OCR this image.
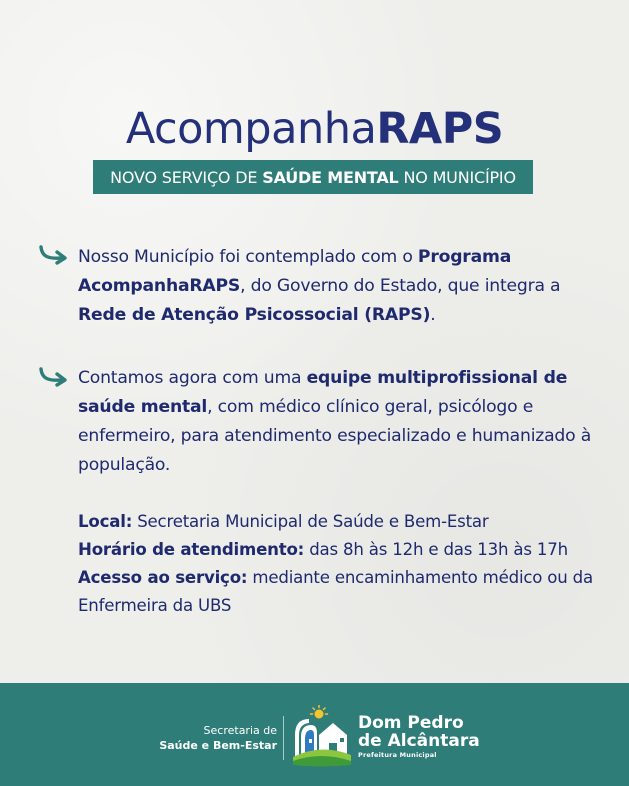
AcompanhaRAPS
NOVO SERVIÇO DE SAÚDE MENTAL NO MUNICÍPIO
Nosso Município foi contemplado com o Programa AcompanhaRAPS, do Governo do Estado, que integra a Rede de Atenção Psicossocial (RAPS).
Contamos agora com uma equipe multiprofissional de saúde mental, com médico clínico geral, psicólogo e enfermeiro, para atendimento especializado e humanizado à população.
Local: Secretaria Municipal de Saúde e Bem-Estar
Horário de atendimento: das 8h às 12h e das 13h às 17h
Acesso ao serviço: mediante encaminhamento médico ou da Enfermeira da UBS
Secretaria de
Saúde e Bem-Estar
Dom Pedro
de Alcântara
Prefeitura Municipal
